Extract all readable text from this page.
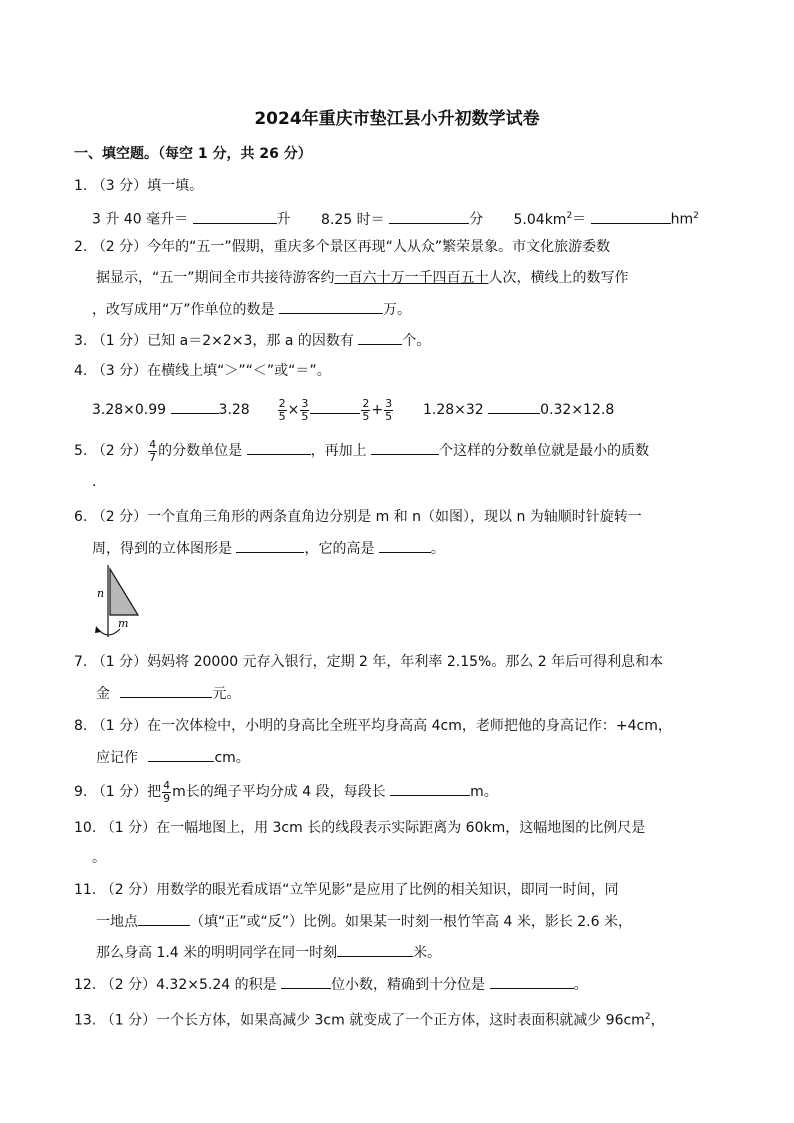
2024年重庆市垫江县小升初数学试卷
一、填空题。（每空 1 分，共 26 分）
1. （3 分）填一填。
3 升 40 毫升＝	升 8.25 时＝	分 $5.04km^2=$	$hm^2$
2. （2 分）今年的“五一”假期，重庆多个景区再现“人从众”繁荣景象。市文化旅游委数
据显示，“五一”期间全市共接待游客约一百六十万一千四百五十人次，横线上的数写作
，改写成用“万”作单位的数是	万。
3. （1 分）已知 a＝2×2×3，那 a 的因数有	个。
4. （3 分）在横线上填“＞”“＜”或“＝”。
3.28×0.99	3.28	$\frac{2}{5} \times \frac{3}{5}$	$\frac{2}{5} + \frac{3}{5} 1.28\times 32$	0.32×12.8
5. （2 分） $\frac{4}{7}$ 的分数单位是	，再加上	个这样的分数单位就是最小的质数
.
6. （2 分）一个直角三角形的两条直角边分别是 m 和 n（如图），现以 n 为轴顺时针旋转一
周，得到的立体图形是	，它的高是	。
n
m
7. （1 分）妈妈将 20000 元存入银行，定期 2 年，年利率 2.15%。那么 2 年后可得利息和本
金	元。
8. （1 分）在一次体检中，小明的身高比全班平均身高高 4cm，老师把他的身高记作：+4cm，
应记作	cm。
9. （1 分）把 $\frac{4}{9}$ m长的绳子平均分成 4 段，每段长	m。
10. （1 分）在一幅地图上，用 3cm 长的线段表示实际距离为 60km，这幅地图的比例尺是
。
11. （2 分）用数学的眼光看成语“立竿见影”是应用了比例的相关知识，即同一时间，同
一地点	（填“正”或“反”）比例。如果某一时刻一根竹竿高 4 米，影长 2.6 米，
那么身高 1.4 米的明明同学在同一时刻	米。
12. （2 分）4.32×5.24 的积是	位小数，精确到十分位是	。
13. （1 分）一个长方体，如果高减少 3cm 就变成了一个正方体，这时表面积就减少 $96cm^2$，
